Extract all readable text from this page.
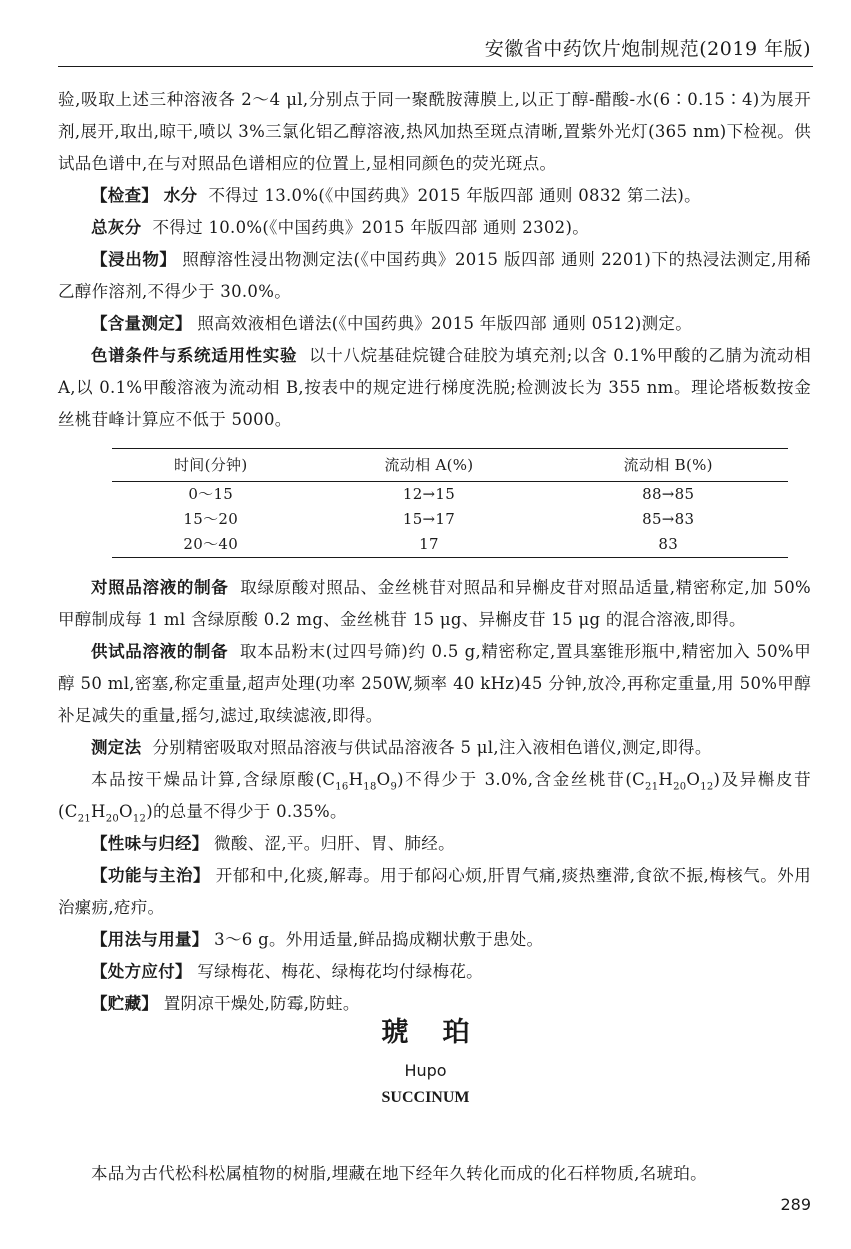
安徽省中药饮片炮制规范(2019 年版)

验,吸取上述三种溶液各 2～4 μl,分别点于同一聚酰胺薄膜上,以正丁醇-醋酸-水(6∶0.15∶4)为展开剂,展开,取出,晾干,喷以 3%三氯化铝乙醇溶液,热风加热至斑点清晰,置紫外光灯(365 nm)下检视。供试品色谱中,在与对照品色谱相应的位置上,显相同颜色的荧光斑点。

【检查】 水分 不得过 13.0%(《中国药典》2015 年版四部 通则 0832 第二法)。

总灰分 不得过 10.0%(《中国药典》2015 年版四部 通则 2302)。

【浸出物】 照醇溶性浸出物测定法(《中国药典》2015 版四部 通则 2201)下的热浸法测定,用稀乙醇作溶剂,不得少于 30.0%。

【含量测定】 照高效液相色谱法(《中国药典》2015 年版四部 通则 0512)测定。

色谱条件与系统适用性实验 以十八烷基硅烷键合硅胶为填充剂;以含 0.1%甲酸的乙腈为流动相 A,以 0.1%甲酸溶液为流动相 B,按表中的规定进行梯度洗脱;检测波长为 355 nm。理论塔板数按金丝桃苷峰计算应不低于 5000。

时间(分钟)	流动相 A(%)	流动相 B(%)
0～15	12→15	88→85
15～20	15→17	85→83
20～40	17	83

对照品溶液的制备 取绿原酸对照品、金丝桃苷对照品和异槲皮苷对照品适量,精密称定,加 50%甲醇制成每 1 ml 含绿原酸 0.2 mg、金丝桃苷 15 μg、异槲皮苷 15 μg 的混合溶液,即得。

供试品溶液的制备 取本品粉末(过四号筛)约 0.5 g,精密称定,置具塞锥形瓶中,精密加入 50%甲醇 50 ml,密塞,称定重量,超声处理(功率 250W,频率 40 kHz)45 分钟,放冷,再称定重量,用 50%甲醇补足减失的重量,摇匀,滤过,取续滤液,即得。

测定法 分别精密吸取对照品溶液与供试品溶液各 5 μl,注入液相色谱仪,测定,即得。

本品按干燥品计算,含绿原酸$(C_{16}H_{18}O_9)$不得少于 3.0%,含金丝桃苷$(C_{21}H_{20}O_{12})$及异槲皮苷$(C_{21}H_{20}O_{12})$的总量不得少于 0.35%。

【性味与归经】 微酸、涩,平。归肝、胃、肺经。

【功能与主治】 开郁和中,化痰,解毒。用于郁闷心烦,肝胃气痛,痰热壅滞,食欲不振,梅核气。外用治瘰疬,疮疖。

【用法与用量】 3～6 g。外用适量,鲜品捣成糊状敷于患处。

【处方应付】 写绿梅花、梅花、绿梅花均付绿梅花。

【贮藏】 置阴凉干燥处,防霉,防蛀。

琥珀
Hupo
SUCCINUM

本品为古代松科松属植物的树脂,埋藏在地下经年久转化而成的化石样物质,名琥珀。

289
